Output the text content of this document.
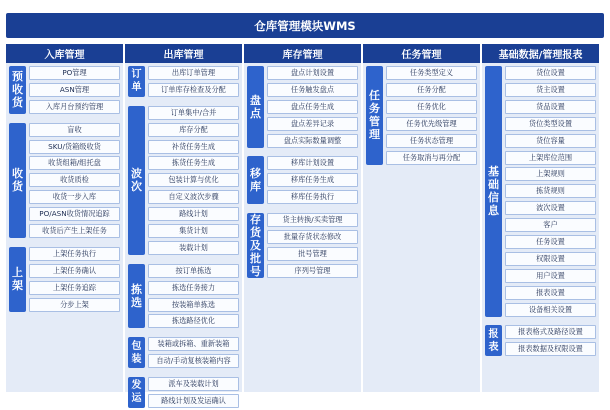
仓库管理模块WMS
入库管理
预
收
货
PO管理
ASN管理
入库月台预约管理
收
货
盲收
SKU/货箱级收货
收货组箱/组托盘
收货质检
收货一步入库
PO/ASN收货情况追踪
收货后产生上架任务
上
架
上架任务执行
上架任务确认
上架任务追踪
分步上架
出库管理
订
单
出库订单管理
订单库存检查及分配
波
次
订单集中/合并
库存分配
补货任务生成
拣货任务生成
包装计算与优化
自定义波次步骤
路线计划
集货计划
装载计划
拣
选
按订单拣选
拣选任务接力
按装箱单拣选
拣选路径优化
包
装
装箱或拆箱、重新装箱
自动/手动复核装箱内容
发
运
派车及装载计划
路线计划及发运确认
库存管理
盘
点
盘点计划设置
任务触发盘点
盘点任务生成
盘点差异记录
盘点实际数量调整
移
库
移库计划设置
移库任务生成
移库任务执行
存
货
及
批
号
货主转换/买卖管理
批量存货状态修改
批号管理
序列号管理
任务管理
任
务
管
理
任务类型定义
任务分配
任务优化
任务优先级管理
任务状态管理
任务取消与再分配
基础数据/管理报表
基
础
信
息
货位设置
货主设置
货品设置
货位类型设置
货位容量
上架库位范围
上架规则
拣货规则
波次设置
客户
任务设置
权限设置
用户设置
报表设置
设备相关设置
报
表
报表格式及路径设置
报表数据及权限设置
